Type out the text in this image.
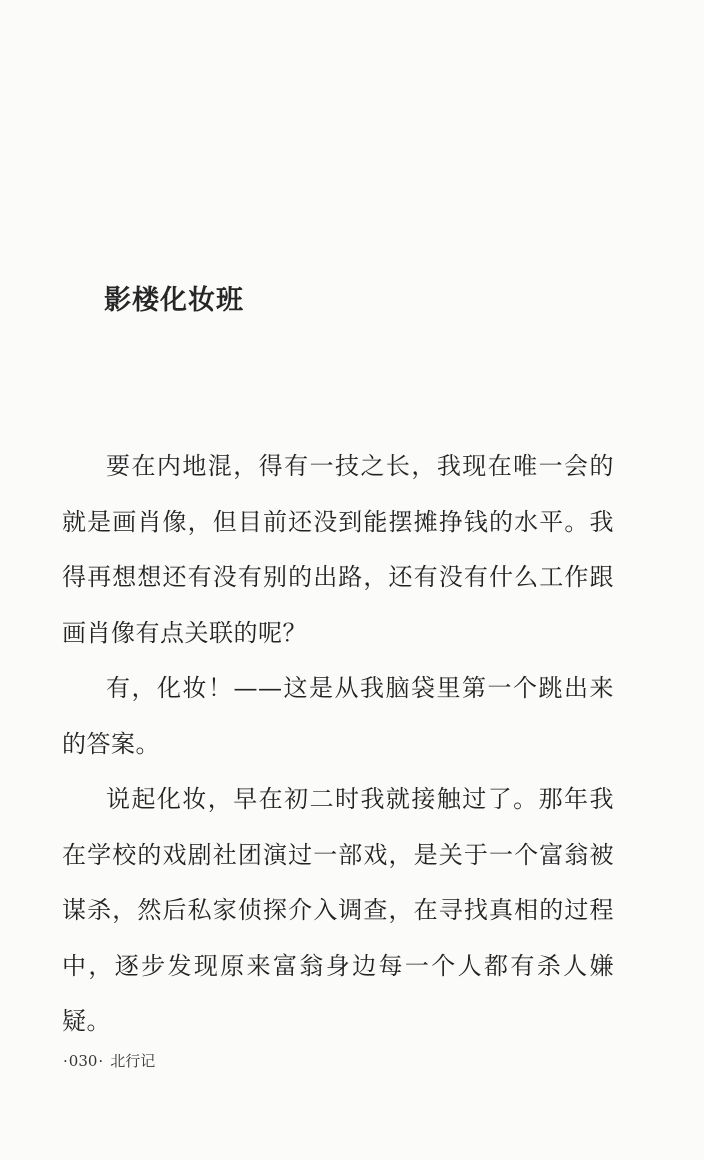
影楼化妆班

要在内地混，得有一技之长，我现在唯一会的就是画肖像，但目前还没到能摆摊挣钱的水平。我得再想想还有没有别的出路，还有没有什么工作跟画肖像有点关联的呢？

有，化妆！——这是从我脑袋里第一个跳出来的答案。

说起化妆，早在初二时我就接触过了。那年我在学校的戏剧社团演过一部戏，是关于一个富翁被谋杀，然后私家侦探介入调查，在寻找真相的过程中，逐步发现原来富翁身边每一个人都有杀人嫌疑。

·030· 北行记
